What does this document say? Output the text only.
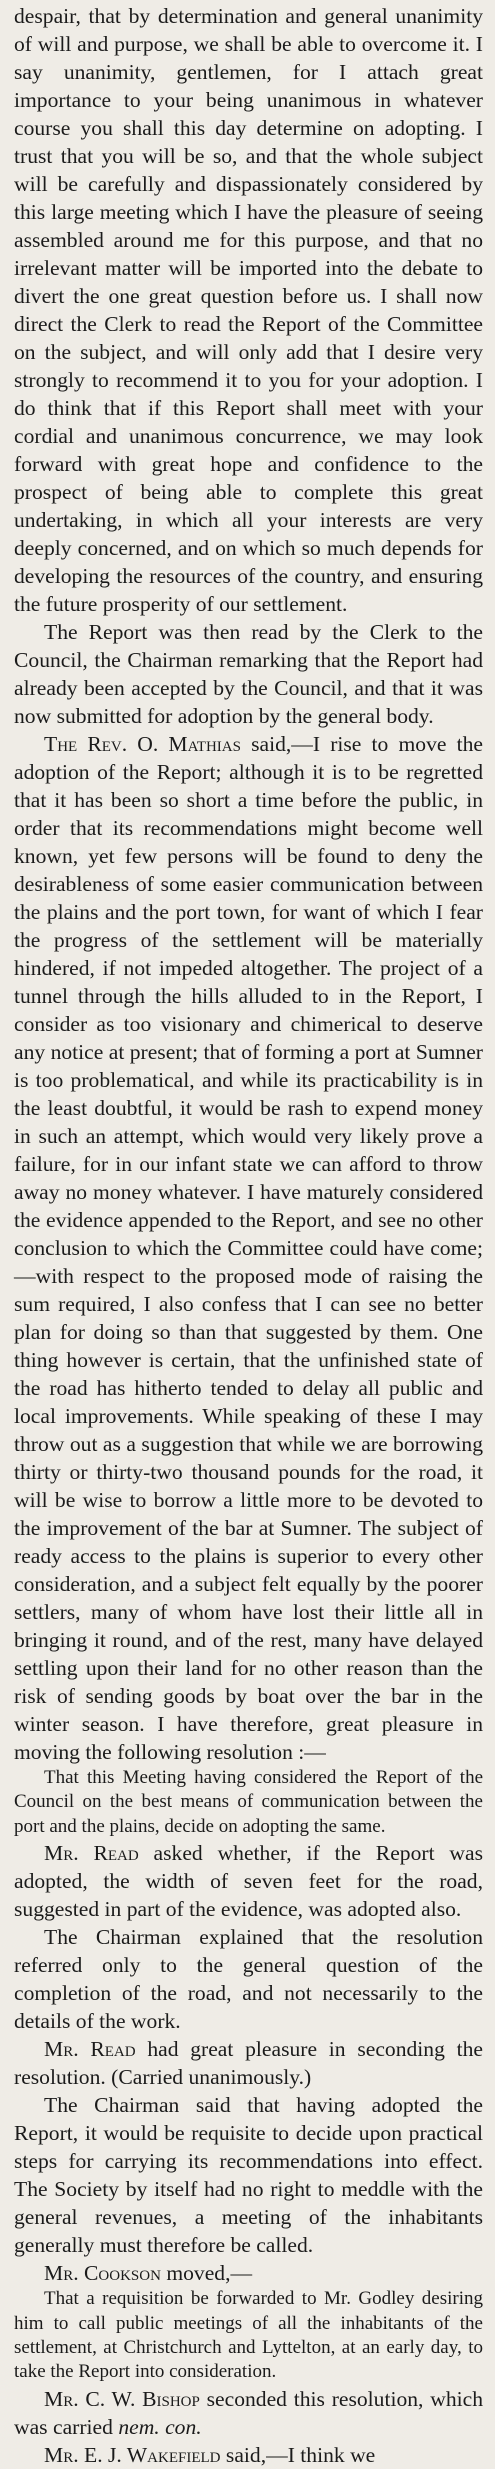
despair, that by determination and general unanimity of will and purpose, we shall be able to overcome it. I say unanimity, gentlemen, for I attach great importance to your being unanimous in whatever course you shall this day determine on adopting. I trust that you will be so, and that the whole subject will be carefully and dispassionately considered by this large meeting which I have the pleasure of seeing assembled around me for this purpose, and that no irrelevant matter will be imported into the debate to divert the one great question before us. I shall now direct the Clerk to read the Report of the Committee on the subject, and will only add that I desire very strongly to recommend it to you for your adoption. I do think that if this Report shall meet with your cordial and unanimous concurrence, we may look forward with great hope and confidence to the prospect of being able to complete this great undertaking, in which all your interests are very deeply concerned, and on which so much depends for developing the resources of the country, and ensuring the future prosperity of our settlement.

The Report was then read by the Clerk to the Council, the Chairman remarking that the Report had already been accepted by the Council, and that it was now submitted for adoption by the general body.

The Rev. O. Mathias said,—I rise to move the adoption of the Report; although it is to be regretted that it has been so short a time before the public, in order that its recommendations might become well known, yet few persons will be found to deny the desirableness of some easier communication between the plains and the port town, for want of which I fear the progress of the settlement will be materially hindered, if not impeded altogether. The project of a tunnel through the hills alluded to in the Report, I consider as too visionary and chimerical to deserve any notice at present; that of forming a port at Sumner is too problematical, and while its practicability is in the least doubtful, it would be rash to expend money in such an attempt, which would very likely prove a failure, for in our infant state we can afford to throw away no money whatever. I have maturely considered the evidence appended to the Report, and see no other conclusion to which the Committee could have come;—with respect to the proposed mode of raising the sum required, I also confess that I can see no better plan for doing so than that suggested by them. One thing however is certain, that the unfinished state of the road has hitherto tended to delay all public and local improvements. While speaking of these I may throw out as a suggestion that while we are borrowing thirty or thirty-two thousand pounds for the road, it will be wise to borrow a little more to be devoted to the improvement of the bar at Sumner. The subject of ready access to the plains is superior to every other consideration, and a subject felt equally by the poorer settlers, many of whom have lost their little all in bringing it round, and of the rest, many have delayed settling upon their land for no other reason than the risk of sending goods by boat over the bar in the winter season. I have therefore, great pleasure in moving the following resolution :—

That this Meeting having considered the Report of the Council on the best means of communication between the port and the plains, decide on adopting the same.

Mr. Read asked whether, if the Report was adopted, the width of seven feet for the road, suggested in part of the evidence, was adopted also.

The Chairman explained that the resolution referred only to the general question of the completion of the road, and not necessarily to the details of the work.

Mr. Read had great pleasure in seconding the resolution. (Carried unanimously.)

The Chairman said that having adopted the Report, it would be requisite to decide upon practical steps for carrying its recommendations into effect. The Society by itself had no right to meddle with the general revenues, a meeting of the inhabitants generally must therefore be called.

Mr. Cookson moved,—

That a requisition be forwarded to Mr. Godley desiring him to call public meetings of all the inhabitants of the settlement, at Christchurch and Lyttelton, at an early day, to take the Report into consideration.

Mr. C. W. Bishop seconded this resolution, which was carried nem. con.

Mr. E. J. Wakefield said,—I think we
